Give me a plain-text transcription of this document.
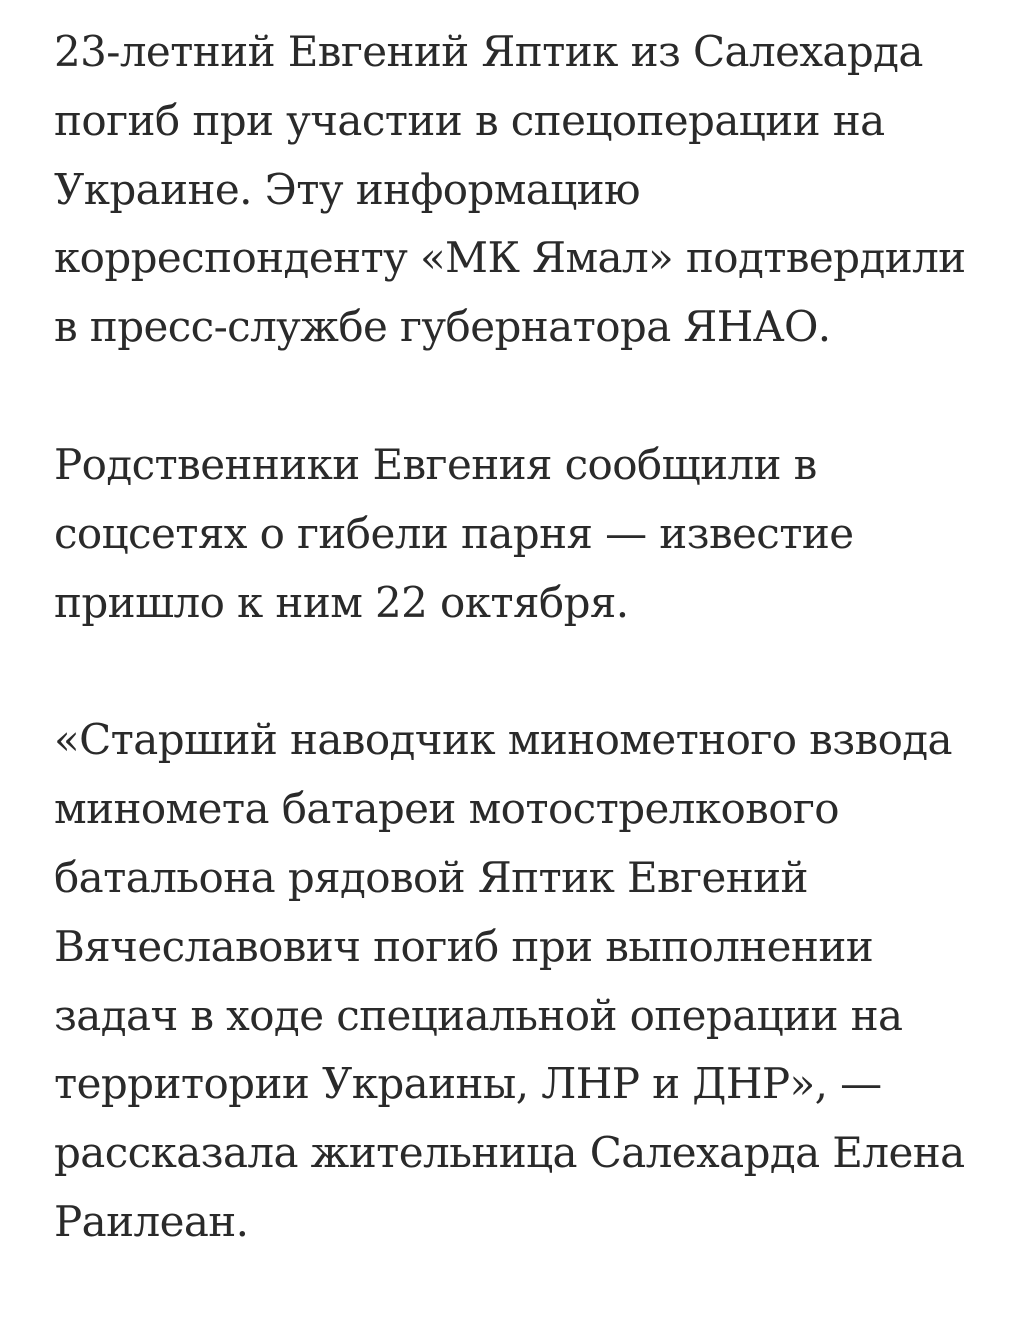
23-летний Евгений Яптик из Салехарда
погиб при участии в спецоперации на
Украине. Эту информацию
корреспонденту «МК Ямал» подтвердили
в пресс-службе губернатора ЯНАО.

Родственники Евгения сообщили в
соцсетях о гибели парня — известие
пришло к ним 22 октября.

«Старший наводчик минометного взвода
миномета батареи мотострелкового
батальона рядовой Яптик Евгений
Вячеславович погиб при выполнении
задач в ходе специальной операции на
территории Украины, ЛНР и ДНР», —
рассказала жительница Салехарда Елена
Раилеан.
